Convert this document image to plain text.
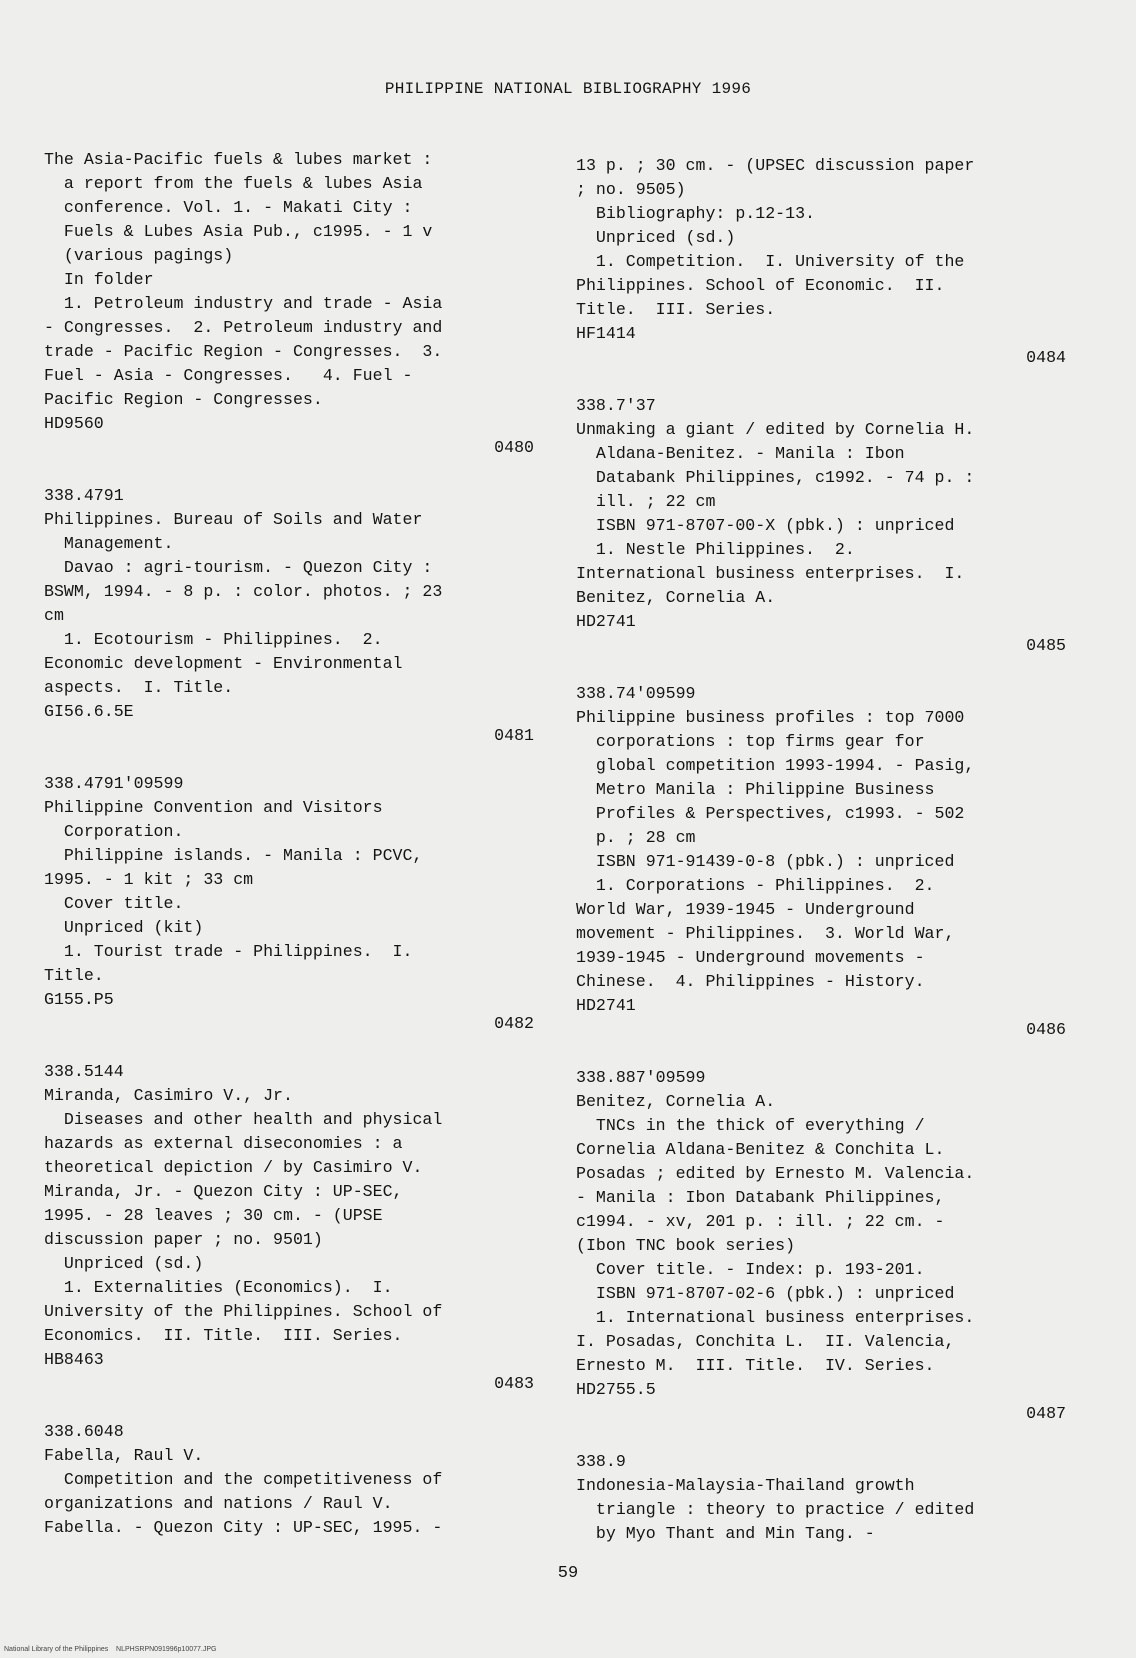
PHILIPPINE NATIONAL BIBLIOGRAPHY 1996
The Asia-Pacific fuels & lubes market :
a report from the fuels & lubes Asia
conference. Vol. 1. - Makati City :
Fuels & Lubes Asia Pub., c1995. - 1 v
(various pagings)
In folder
1. Petroleum industry and trade - Asia
- Congresses.  2. Petroleum industry and
trade - Pacific Region - Congresses.  3.
Fuel - Asia - Congresses.   4. Fuel -
Pacific Region - Congresses.
HD9560
0480
338.4791
Philippines. Bureau of Soils and Water
Management.
Davao : agri-tourism. - Quezon City :
BSWM, 1994. - 8 p. : color. photos. ; 23
cm
1. Ecotourism - Philippines.  2.
Economic development - Environmental
aspects.  I. Title.
GI56.6.5E
0481
338.4791'09599
Philippine Convention and Visitors
Corporation.
Philippine islands. - Manila : PCVC,
1995. - 1 kit ; 33 cm
Cover title.
Unpriced (kit)
1. Tourist trade - Philippines.  I.
Title.
G155.P5
0482
338.5144
Miranda, Casimiro V., Jr.
Diseases and other health and physical
hazards as external diseconomies : a
theoretical depiction / by Casimiro V.
Miranda, Jr. - Quezon City : UP-SEC,
1995. - 28 leaves ; 30 cm. - (UPSE
discussion paper ; no. 9501)
Unpriced (sd.)
1. Externalities (Economics).  I.
University of the Philippines. School of
Economics.  II. Title.  III. Series.
HB8463
0483
338.6048
Fabella, Raul V.
Competition and the competitiveness of
organizations and nations / Raul V.
Fabella. - Quezon City : UP-SEC, 1995. -
13 p. ; 30 cm. - (UPSEC discussion paper
; no. 9505)
Bibliography: p.12-13.
Unpriced (sd.)
1. Competition.  I. University of the
Philippines. School of Economic.  II.
Title.  III. Series.
HF1414
0484
338.7'37
Unmaking a giant / edited by Cornelia H.
Aldana-Benitez. - Manila : Ibon
Databank Philippines, c1992. - 74 p. :
ill. ; 22 cm
ISBN 971-8707-00-X (pbk.) : unpriced
1. Nestle Philippines.  2.
International business enterprises.  I.
Benitez, Cornelia A.
HD2741
0485
338.74'09599
Philippine business profiles : top 7000
corporations : top firms gear for
global competition 1993-1994. - Pasig,
Metro Manila : Philippine Business
Profiles & Perspectives, c1993. - 502
p. ; 28 cm
ISBN 971-91439-0-8 (pbk.) : unpriced
1. Corporations - Philippines.  2.
World War, 1939-1945 - Underground
movement - Philippines.  3. World War,
1939-1945 - Underground movements -
Chinese.  4. Philippines - History.
HD2741
0486
338.887'09599
Benitez, Cornelia A.
TNCs in the thick of everything /
Cornelia Aldana-Benitez & Conchita L.
Posadas ; edited by Ernesto M. Valencia.
- Manila : Ibon Databank Philippines,
c1994. - xv, 201 p. : ill. ; 22 cm. -
(Ibon TNC book series)
Cover title. - Index: p. 193-201.
ISBN 971-8707-02-6 (pbk.) : unpriced
1. International business enterprises.
I. Posadas, Conchita L.  II. Valencia,
Ernesto M.  III. Title.  IV. Series.
HD2755.5
0487
338.9
Indonesia-Malaysia-Thailand growth
triangle : theory to practice / edited
by Myo Thant and Min Tang. -
59
National Library of the Philippines    NLPHSRPN091996p10077.JPG
